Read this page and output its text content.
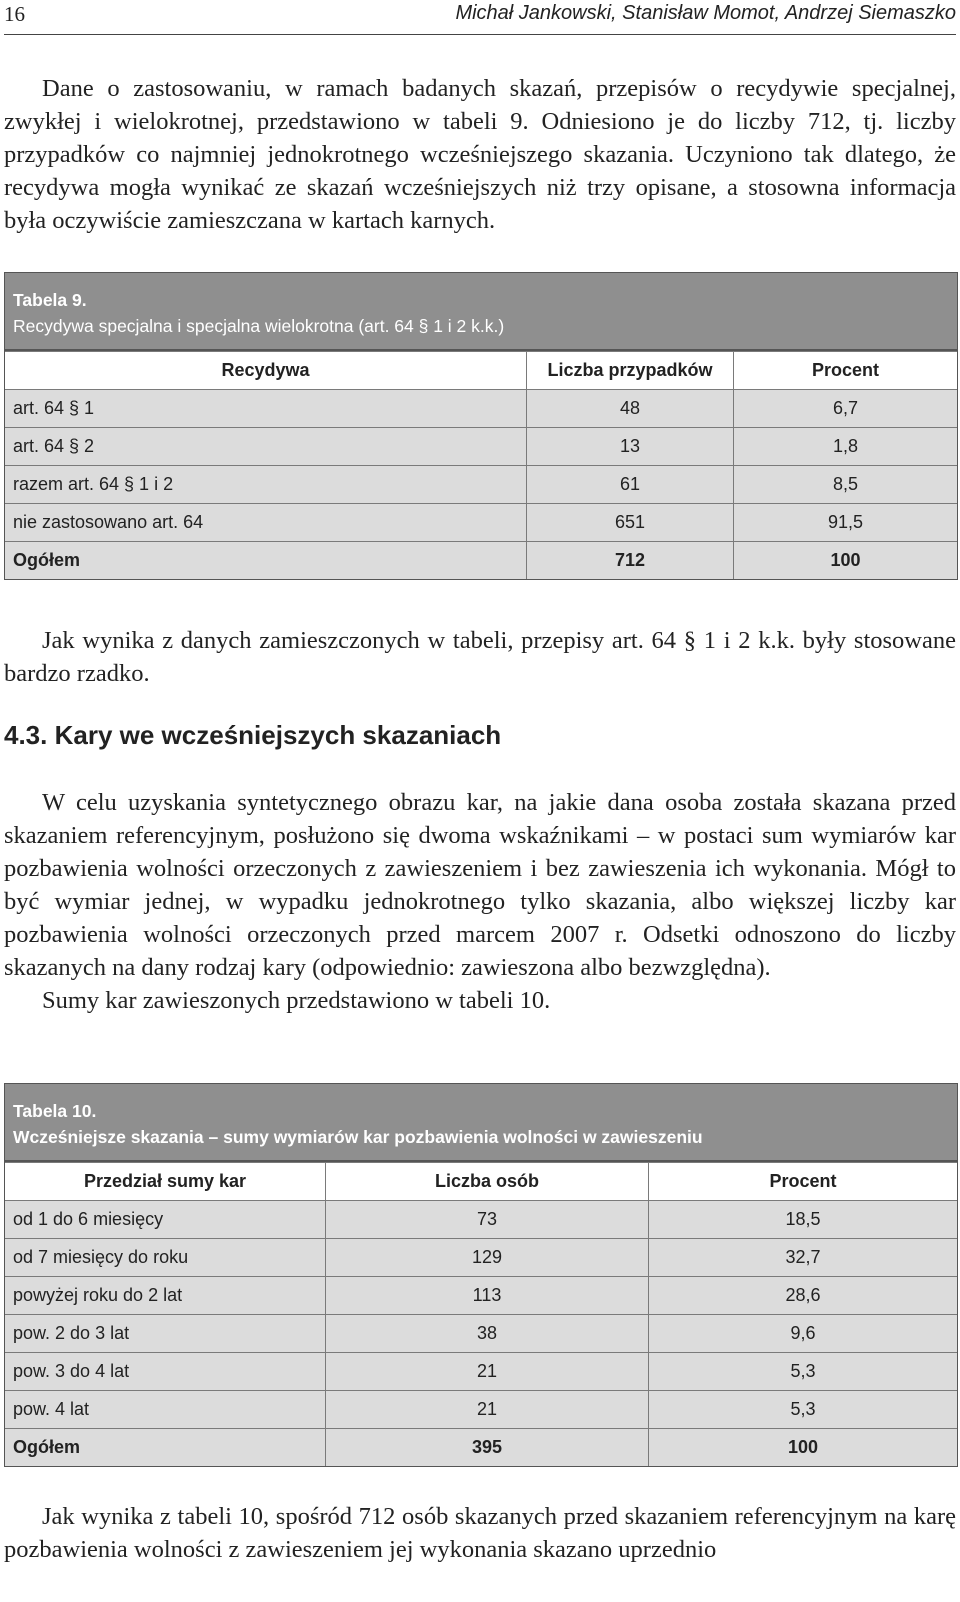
16	Michał Jankowski, Stanisław Momot, Andrzej Siemaszko

Dane o zastosowaniu, w ramach badanych skazań, przepisów o recydywie specjalnej, zwykłej i wielokrotnej, przedstawiono w tabeli 9. Odniesiono je do liczby 712, tj. liczby przypadków co najmniej jednokrotnego wcześniejszego skazania. Uczyniono tak dlatego, że recydywa mogła wynikać ze skazań wcześniejszych niż trzy opisane, a stosowna informacja była oczywiście zamieszczana w kartach karnych.

Tabela 9.
Recydywa specjalna i specjalna wielokrotna (art. 64 § 1 i 2 k.k.)
Recydywa	Liczba przypadków	Procent
art. 64 § 1	48	6,7
art. 64 § 2	13	1,8
razem art. 64 § 1 i 2	61	8,5
nie zastosowano art. 64	651	91,5
Ogółem	712	100

Jak wynika z danych zamieszczonych w tabeli, przepisy art. 64 § 1 i 2 k.k. były stosowane bardzo rzadko.

4.3. Kary we wcześniejszych skazaniach

W celu uzyskania syntetycznego obrazu kar, na jakie dana osoba została skazana przed skazaniem referencyjnym, posłużono się dwoma wskaźnikami – w postaci sum wymiarów kar pozbawienia wolności orzeczonych z zawieszeniem i bez zawieszenia ich wykonania. Mógł to być wymiar jednej, w wypadku jednokrotnego tylko skazania, albo większej liczby kar pozbawienia wolności orzeczonych przed marcem 2007 r. Odsetki odnoszono do liczby skazanych na dany rodzaj kary (odpowiednio: zawieszona albo bezwzględna).

Sumy kar zawieszonych przedstawiono w tabeli 10.

Tabela 10.
Wcześniejsze skazania – sumy wymiarów kar pozbawienia wolności w zawieszeniu
Przedział sumy kar	Liczba osób	Procent
od 1 do 6 miesięcy	73	18,5
od 7 miesięcy do roku	129	32,7
powyżej roku do 2 lat	113	28,6
pow. 2 do 3 lat	38	9,6
pow. 3 do 4 lat	21	5,3
pow. 4 lat	21	5,3
Ogółem	395	100

Jak wynika z tabeli 10, spośród 712 osób skazanych przed skazaniem referencyjnym na karę pozbawienia wolności z zawieszeniem jej wykonania skazano uprzednio
